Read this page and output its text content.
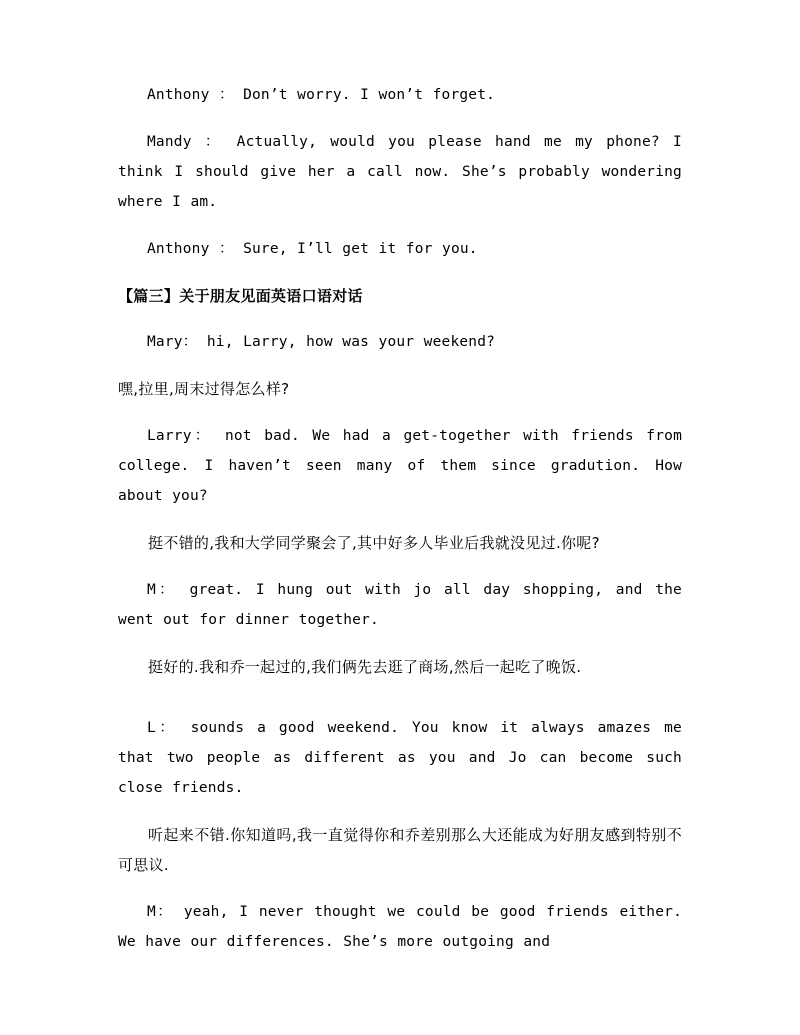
Anthony ： Don’t worry. I won’t forget.

Mandy ： Actually, would you please hand me my phone? I think I should give her a call now. She’s probably wondering where I am.

Anthony ： Sure, I’ll get it for you.

【篇三】关于朋友见面英语口语对话

Mary： hi, Larry, how was your weekend?

嘿,拉里,周末过得怎么样?

Larry： not bad. We had a get-together with friends from college. I haven’t seen many of them since gradution. How about you?

挺不错的,我和大学同学聚会了,其中好多人毕业后我就没见过.你呢?

M： great. I hung out with jo all day shopping, and the went out for dinner together.

挺好的.我和乔一起过的,我们俩先去逛了商场,然后一起吃了晚饭.

L： sounds a good weekend. You know it always amazes me that two people as different as you and Jo can become such close friends.

听起来不错.你知道吗,我一直觉得你和乔差别那么大还能成为好朋友感到特别不可思议.

M： yeah, I never thought we could be good friends either. We have our differences. She’s more outgoing and
